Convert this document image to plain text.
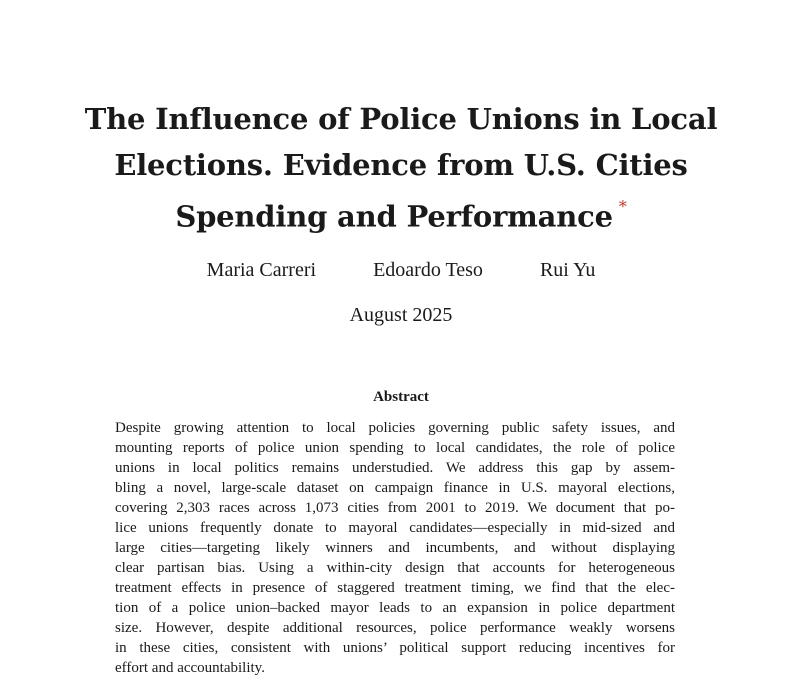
The Influence of Police Unions in Local
Elections. Evidence from U.S. Cities
Spending and Performance *
Maria Carreri	Edoardo Teso	Rui Yu
August 2025
Abstract
Despite growing attention to local policies governing public safety issues, and
mounting reports of police union spending to local candidates, the role of police
unions in local politics remains understudied. We address this gap by assem-
bling a novel, large-scale dataset on campaign finance in U.S. mayoral elections,
covering 2,303 races across 1,073 cities from 2001 to 2019. We document that po-
lice unions frequently donate to mayoral candidates—especially in mid-sized and
large cities—targeting likely winners and incumbents, and without displaying
clear partisan bias. Using a within-city design that accounts for heterogeneous
treatment effects in presence of staggered treatment timing, we find that the elec-
tion of a police union–backed mayor leads to an expansion in police department
size. However, despite additional resources, police performance weakly worsens
in these cities, consistent with unions’ political support reducing incentives for
effort and accountability.
